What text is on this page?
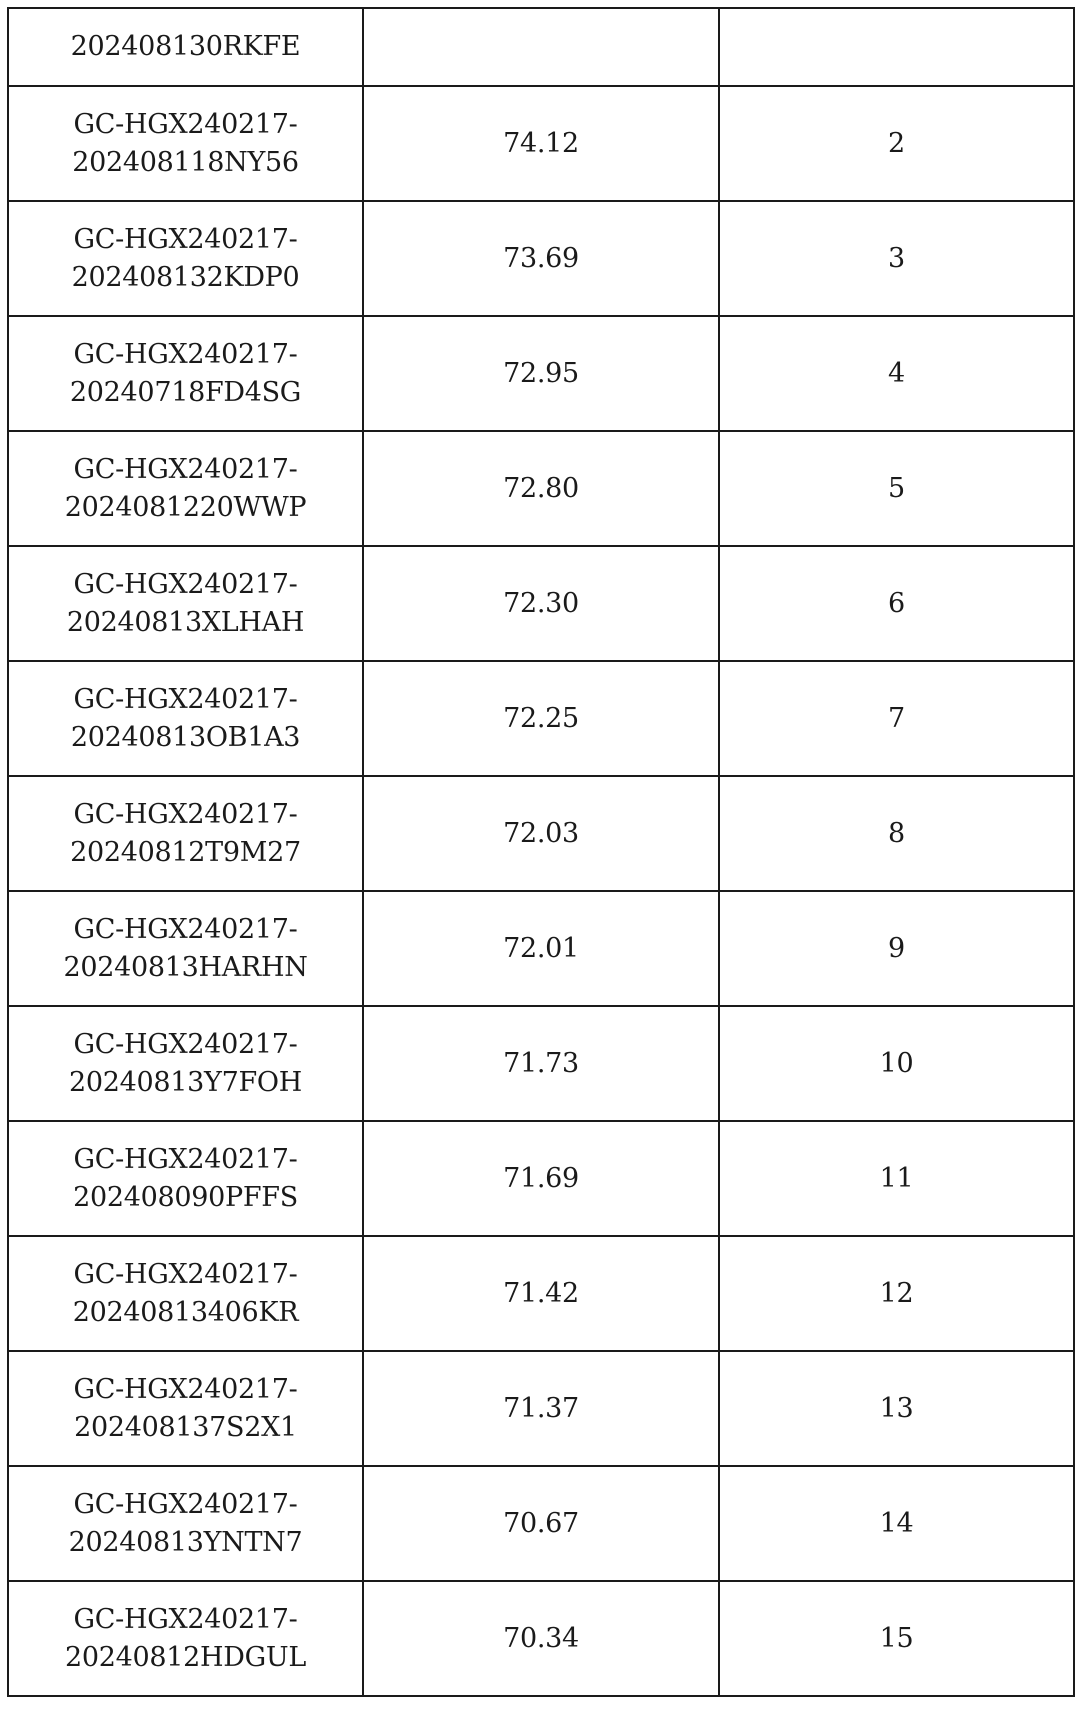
202408130RKFE		

GC-HGX240217-
202408118NY56	74.12	2

GC-HGX240217-
202408132KDP0	73.69	3

GC-HGX240217-
20240718FD4SG	72.95	4

GC-HGX240217-
2024081220WWP	72.80	5

GC-HGX240217-
20240813XLHAH	72.30	6

GC-HGX240217-
20240813OB1A3	72.25	7

GC-HGX240217-
20240812T9M27	72.03	8

GC-HGX240217-
20240813HARHN	72.01	9

GC-HGX240217-
20240813Y7FOH	71.73	10

GC-HGX240217-
202408090PFFS	71.69	11

GC-HGX240217-
20240813406KR	71.42	12

GC-HGX240217-
202408137S2X1	71.37	13

GC-HGX240217-
20240813YNTN7	70.67	14

GC-HGX240217-
20240812HDGUL	70.34	15
